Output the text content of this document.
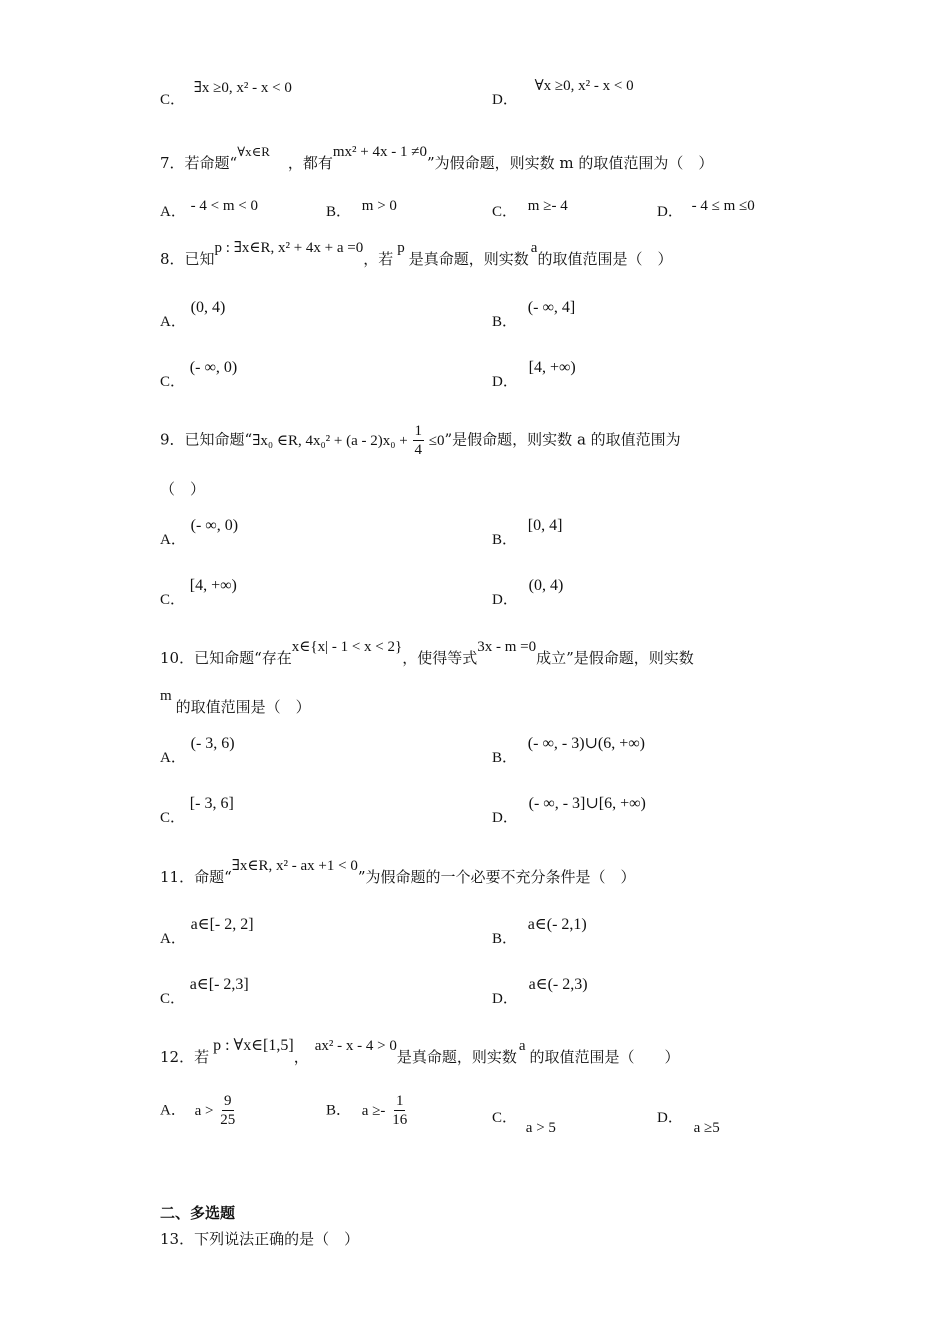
C． ∃x ≥0, x² - x < 0
D． ∀x ≥0, x² - x < 0
7．若命题“∀x∈R，都有mx² + 4x - 1 ≠0”为假命题，则实数 m 的取值范围为（　）
A． - 4 < m < 0	B． m > 0	C． m ≥- 4	D． - 4 ≤ m ≤0
8．已知p : ∃x∈R, x² + 4x + a =0，若p是真命题，则实数a的取值范围是（　）
A． (0, 4)
B． (- ∞, 4]
C． (- ∞, 0)
D． [4, +∞)
9．已知命题“∃x₀ ∈R, $4x_0^2 + (a - 2)x_0 + \frac{1}{4} \le 0$”是假命题，则实数 a 的取值范围为
（　）
A． (- ∞, 0)
B． [0, 4]
C． [4, +∞)
D． (0, 4)
10．已知命题“存在x∈{x| - 1 < x < 2}，使得等式3x - m =0成立”是假命题，则实数
m的取值范围是（　）
A． (- 3, 6)
B． (- ∞, - 3)∪(6, +∞)
C． [- 3, 6]
D． (- ∞, - 3]∪[6, +∞)
11．命题“∃x∈R, x² - ax +1 < 0”为假命题的一个必要不充分条件是（　）
A． a∈[- 2, 2]
B． a∈(- 2,1)
C． a∈[- 2,3]
D． a∈(- 2,3)
12．若p : ∀x∈[1,5]，ax² - x - 4 > 0是真命题，则实数a的取值范围是（　　）
A． $a > \frac{9}{25}$	B． $a \ge- \frac{1}{16}$	C． a > 5
D． a ≥5
二、多选题
13．下列说法正确的是（　）
